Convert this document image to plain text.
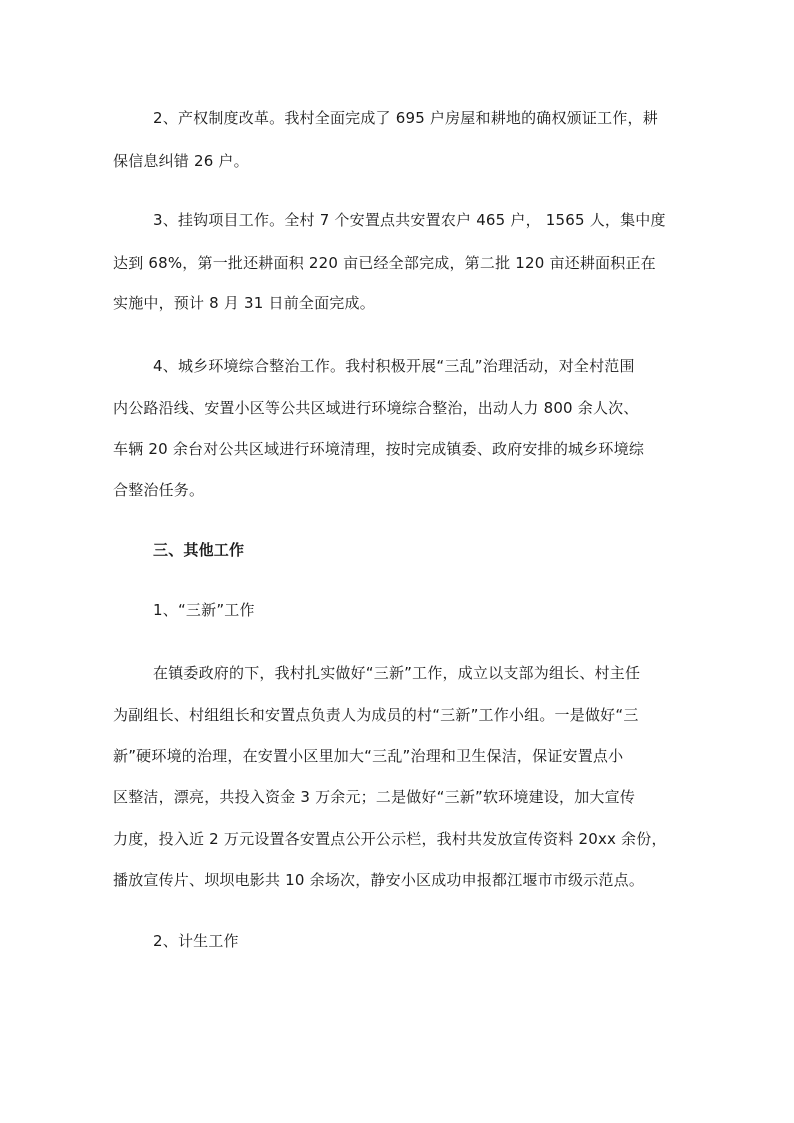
2、产权制度改革。我村全面完成了 695 户房屋和耕地的确权颁证工作，耕
保信息纠错 26 户。
3、挂钩项目工作。全村 7 个安置点共安置农户 465 户， 1565 人，集中度
达到 68%，第一批还耕面积 220 亩已经全部完成，第二批 120 亩还耕面积正在
实施中，预计 8 月 31 日前全面完成。
4、城乡环境综合整治工作。我村积极开展“三乱”治理活动，对全村范围
内公路沿线、安置小区等公共区域进行环境综合整治，出动人力 800 余人次、
车辆 20 余台对公共区域进行环境清理，按时完成镇委、政府安排的城乡环境综
合整治任务。
三、其他工作
1、“三新”工作
在镇委政府的下，我村扎实做好“三新”工作，成立以支部为组长、村主任
为副组长、村组组长和安置点负责人为成员的村“三新”工作小组。一是做好“三
新”硬环境的治理，在安置小区里加大“三乱”治理和卫生保洁，保证安置点小
区整洁，漂亮，共投入资金 3 万余元；二是做好“三新”软环境建设，加大宣传
力度，投入近 2 万元设置各安置点公开公示栏，我村共发放宣传资料 20xx 余份，
播放宣传片、坝坝电影共 10 余场次，静安小区成功申报都江堰市市级示范点。
2、计生工作
